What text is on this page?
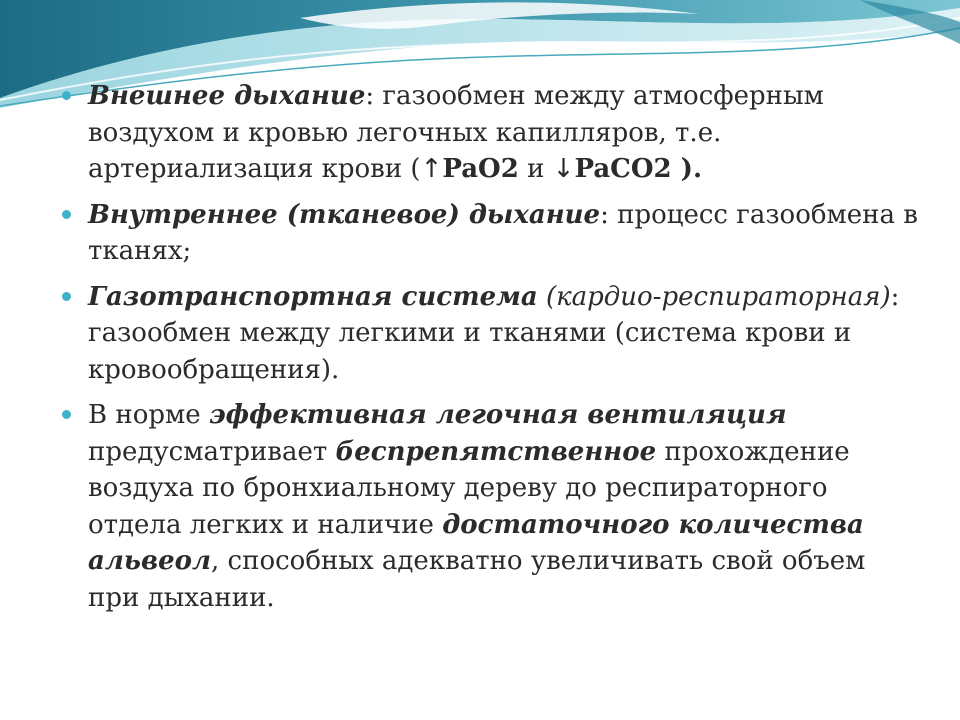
Внешнее дыхание: газообмен между атмосферным воздухом и кровью легочных капилляров, т.е. артериализация крови (↑PaO2 и ↓PaCO2 ).
Внутреннее (тканевое) дыхание: процесс газообмена в тканях;
Газотранспортная система (кардио-респираторная): газообмен между легкими и тканями (система крови и кровообращения).
В норме эффективная легочная вентиляция предусматривает беспрепятственное прохождение воздуха по бронхиальному дереву до респираторного отдела легких и наличие достаточного количества альвеол, способных адекватно увеличивать свой объем при дыхании.
